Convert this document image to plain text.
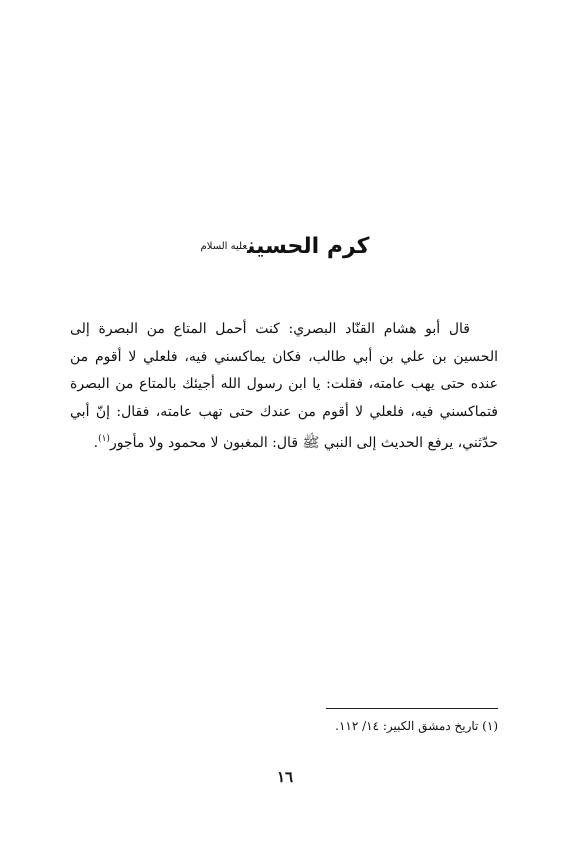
كرم الحسينعليه السلام

قال أبو هشام القنّاد البصري: كنت أحمل المتاع من البصرة إلى الحسين بن علي بن أبي طالب، فكان يماكسني فيه، فلعلي لا أقوم من عنده حتى يهب عامته، فقلت: يا ابن رسول الله أجيئك بالمتاع من البصرة فتماكسني فيه، فلعلي لا أقوم من عندك حتى تهب عامته، فقال: إنّ أبي حدّثني، يرفع الحديث إلى النبي ﷺ قال: المغبون لا محمود ولا مأجور$^{(١)}$.

(١) تاريخ دمشق الكبير: ١٤/ ١١٢.
١٦
